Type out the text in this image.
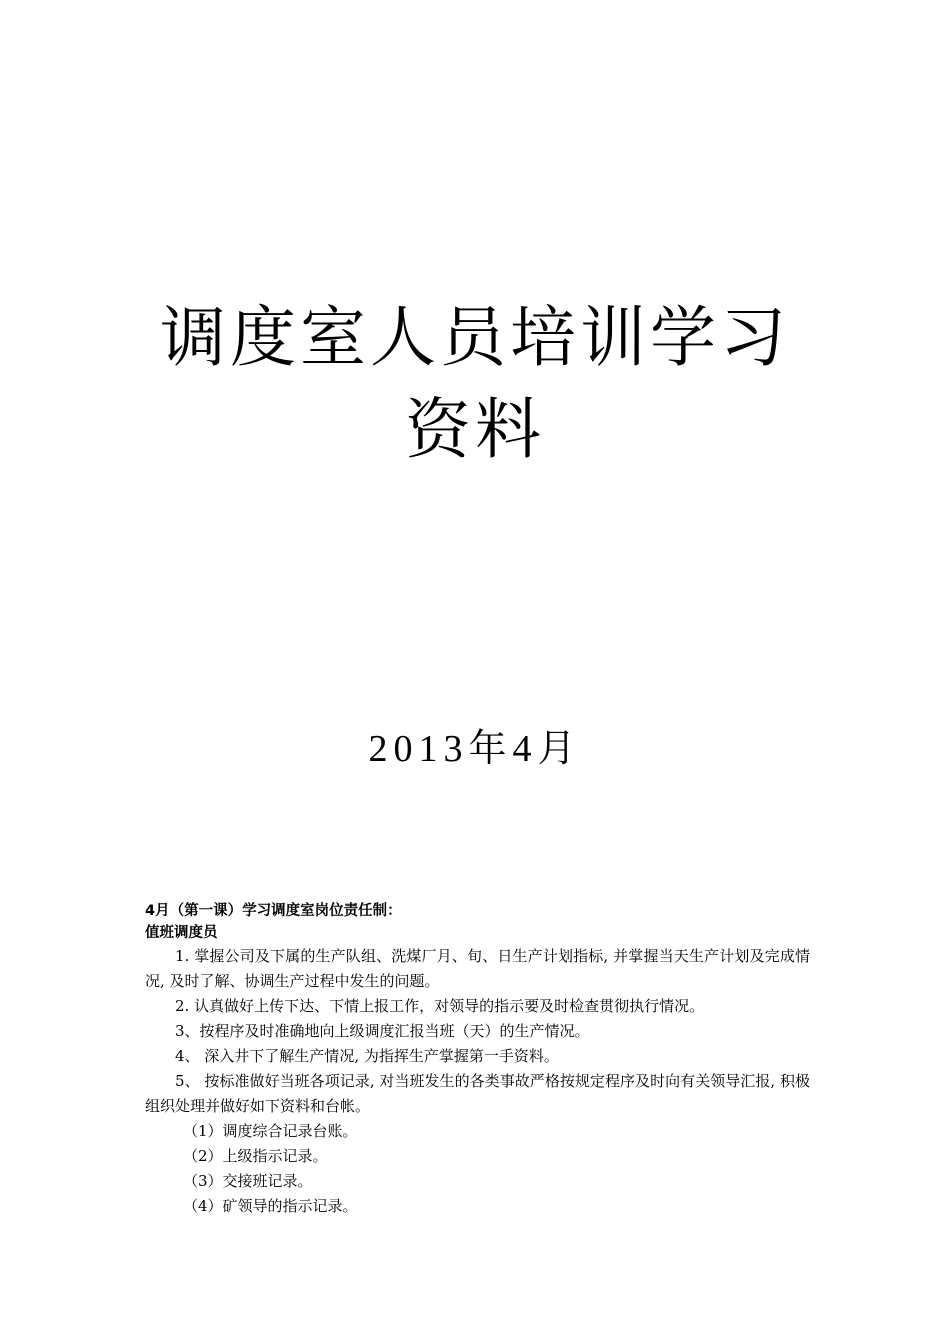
调度室人员培训学习
资料
2013年4月
4月（第一课）学习调度室岗位责任制：
值班调度员
1. 掌握公司及下属的生产队组、洗煤厂月、旬、日生产计划指标, 并掌握当天生产计划及完成情况, 及时了解、协调生产过程中发生的问题。
2. 认真做好上传下达、下情上报工作，对领导的指示要及时检查贯彻执行情况。
3、按程序及时准确地向上级调度汇报当班（天）的生产情况。
4、 深入井下了解生产情况, 为指挥生产掌握第一手资料。
5、 按标准做好当班各项记录, 对当班发生的各类事故严格按规定程序及时向有关领导汇报, 积极组织处理并做好如下资料和台帐。
（1）调度综合记录台账。
（2）上级指示记录。
（3）交接班记录。
（4）矿领导的指示记录。
